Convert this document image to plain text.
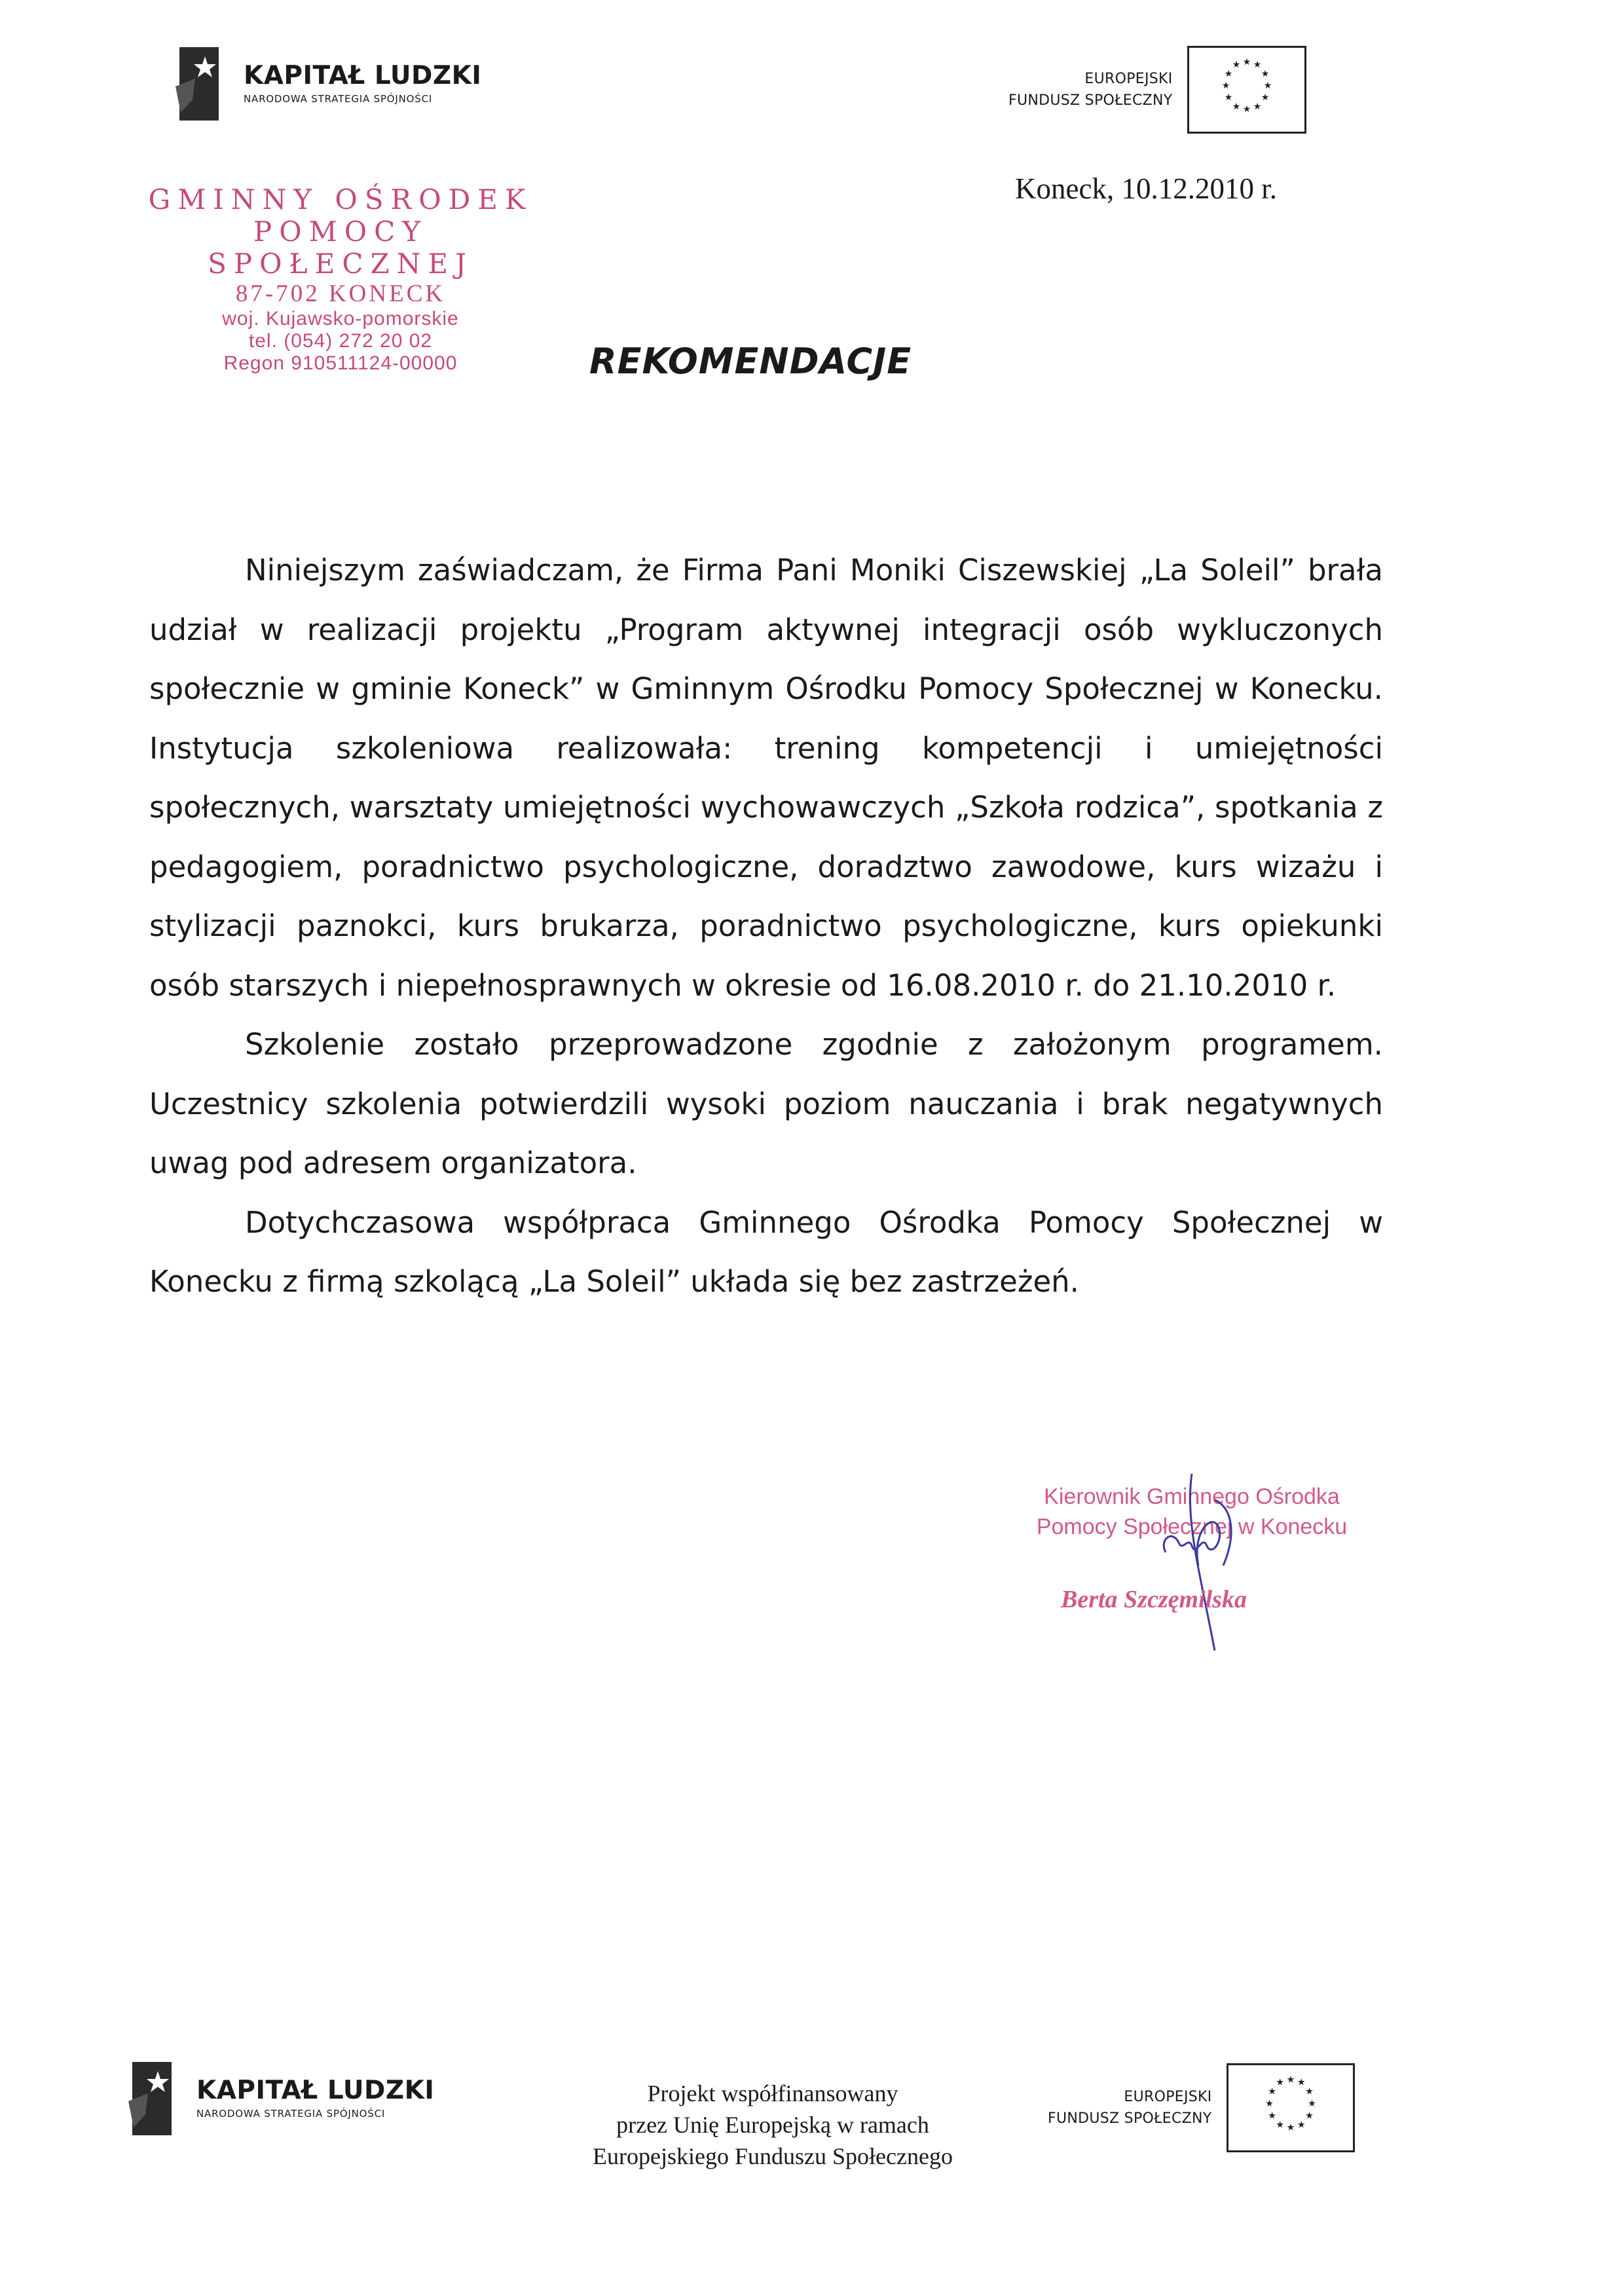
KAPITAŁ LUDZKI
NARODOWA STRATEGIA SPÓJNOŚCI
EUROPEJSKI
FUNDUSZ SPOŁECZNY
★ ★
★
★
★
★
★
★
★
★
★ ★
GMINNY OŚRODEK
POMOCY SPOŁECZNEJ
87-702 KONECK
woj. Kujawsko-pomorskie
tel. (054) 272 20 02
Regon 910511124-00000
Koneck, 10.12.2010 r.
REKOMENDACJE

Niniejszym zaświadczam, że Firma Pani Moniki Ciszewskiej „La Soleil” brała udział w realizacji projektu „Program aktywnej integracji osób wykluczonych społecznie w gminie Koneck” w Gminnym Ośrodku Pomocy Społecznej w Konecku. Instytucja szkoleniowa realizowała: trening kompetencji i umiejętności społecznych, warsztaty umiejętności wychowawczych „Szkoła rodzica”, spotkania z pedagogiem, poradnictwo psychologiczne, doradztwo zawodowe, kurs wizażu i stylizacji paznokci, kurs brukarza, poradnictwo psychologiczne, kurs opiekunki osób starszych i niepełnosprawnych w okresie od 16.08.2010 r. do 21.10.2010 r.

Szkolenie zostało przeprowadzone zgodnie z założonym programem. Uczestnicy szkolenia potwierdzili wysoki poziom nauczania i brak negatywnych uwag pod adresem organizatora.

Dotychczasowa współpraca Gminnego Ośrodka Pomocy Społecznej w Konecku z firmą szkolącą „La Soleil” układa się bez zastrzeżeń.

Kierownik Gminnego Ośrodka
Pomocy Społecznej w Konecku
Berta Szczęmilska
KAPITAŁ LUDZKI
NARODOWA STRATEGIA SPÓJNOŚCI
Projekt współfinansowany
przez Unię Europejską w ramach
Europejskiego Funduszu Społecznego
EUROPEJSKI
FUNDUSZ SPOŁECZNY
★ ★
★
★
★
★
★
★
★
★
★ ★
